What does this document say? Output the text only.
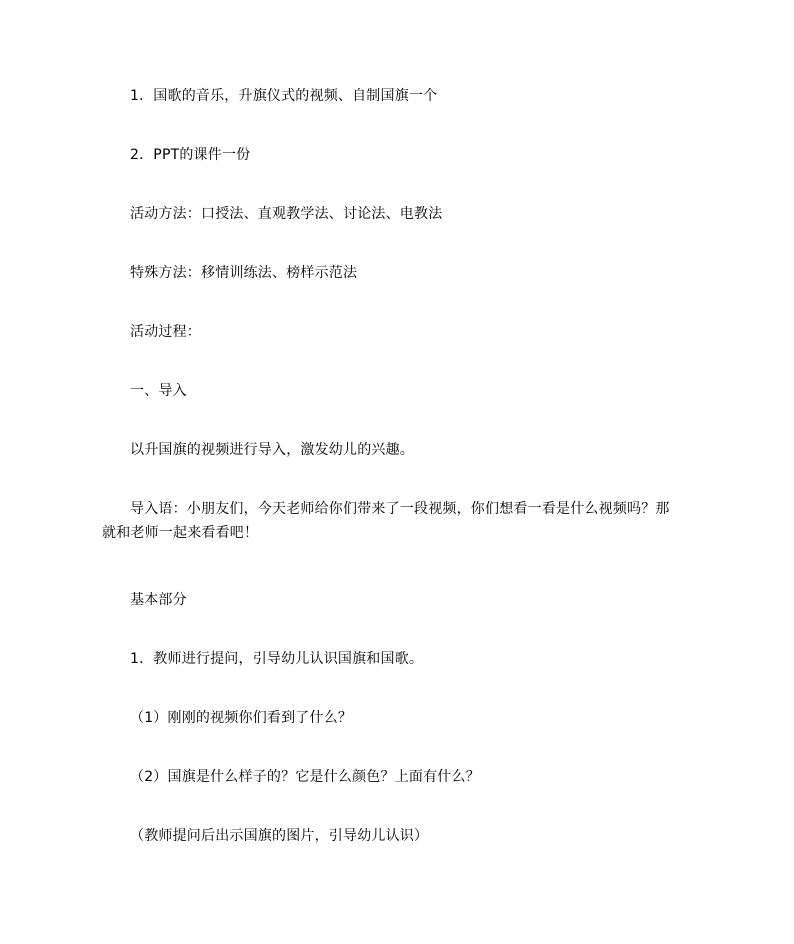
1．国歌的音乐，升旗仪式的视频、自制国旗一个
2．PPT的课件一份
活动方法：口授法、直观教学法、讨论法、电教法
特殊方法：移情训练法、榜样示范法
活动过程：
一、导入
以升国旗的视频进行导入，激发幼儿的兴趣。
导入语：小朋友们，今天老师给你们带来了一段视频，你们想看一看是什么视频吗？那就和老师一起来看看吧！
基本部分
1．教师进行提问，引导幼儿认识国旗和国歌。
（1）刚刚的视频你们看到了什么？
（2）国旗是什么样子的？它是什么颜色？上面有什么？
（教师提问后出示国旗的图片，引导幼儿认识）
